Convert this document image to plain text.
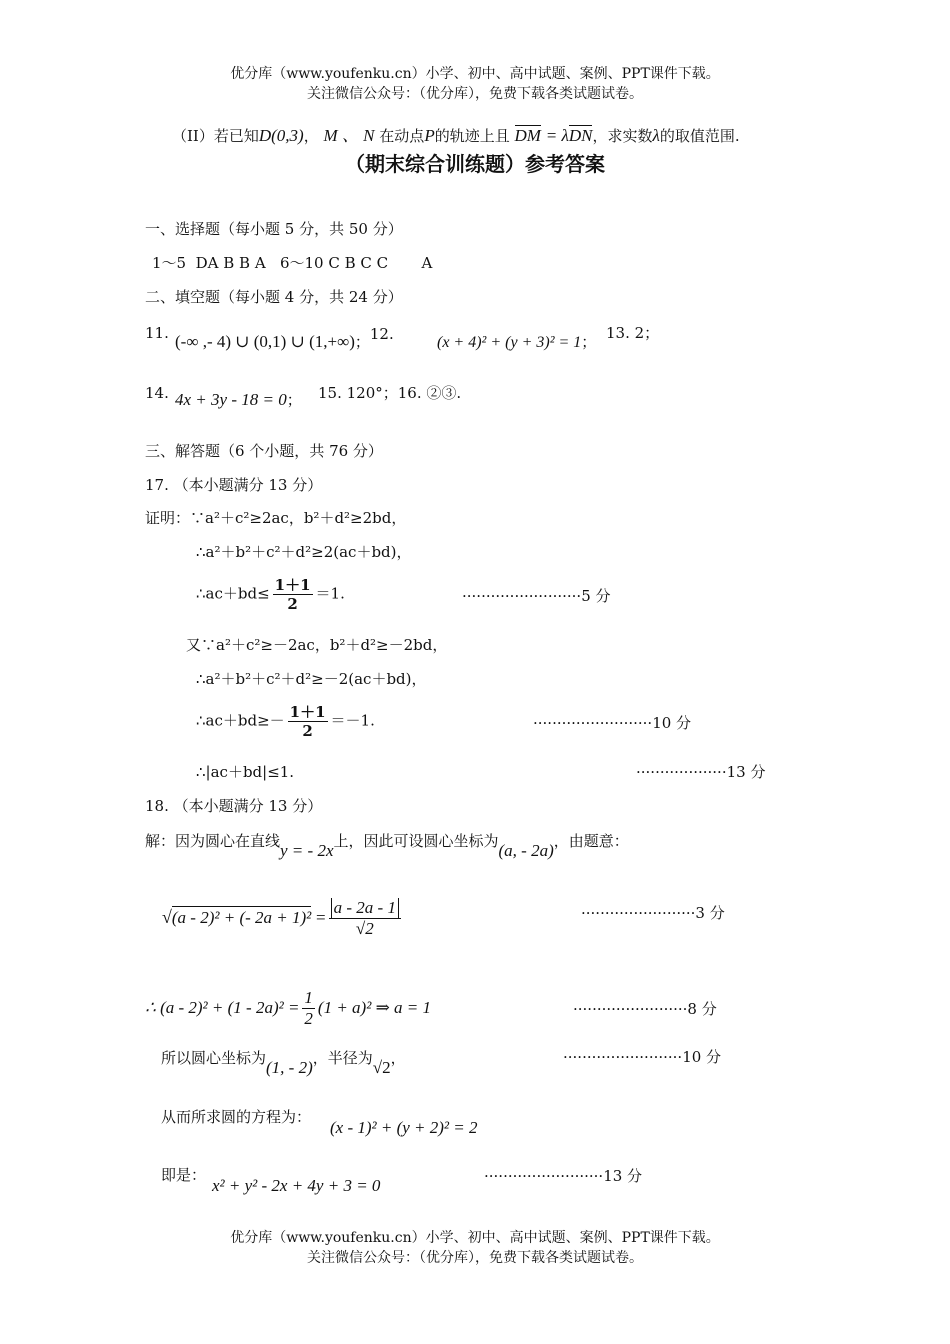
优分库（www.youfenku.cn）小学、初中、高中试题、案例、PPT课件下载。
关注微信公众号：（优分库），免费下载各类试题试卷。
（II）若已知D(0,3)， M 、 N 在动点P的轨迹上且 DM = λDN，求实数λ的取值范围.
（期末综合训练题）参考答案
一、选择题（每小题 5 分，共 50 分）
1～5  DA B B A   6～10 C B C C       A
二、填空题（每小题 4 分，共 24 分）
11. (-∞ ,- 4) ∪ (0,1) ∪ (1,+∞)；12.	(x + 4)² + (y + 3)² = 1； 13. 2；
14. 4x + 3y - 18 = 0； 15. 120°；16. ②③.
三、解答题（6 个小题，共 76 分）
17. （本小题满分 13 分）
证明：∵a²＋c²≥2ac，b²＋d²≥2bd，
∴a²＋b²＋c²＋d²≥2(ac＋bd)，
∴ac＋bd≤ $\frac{1+1}{2} =1$.	·························5 分
又∵a²＋c²≥－2ac，b²＋d²≥－2bd，
∴a²＋b²＋c²＋d²≥－2(ac＋bd)，
∴ac＋bd≥－ $\frac{1+1}{2} =-1$.	·························10 分
∴|ac＋bd|≤1.	···················13 分
18. （本小题满分 13 分）
解：因为圆心在直线y = - 2x上，因此可设圆心坐标为(a, - 2a)，由题意：
√(a - 2)² + (- $2a + 1)^2 = \frac{a - 2a - 1}{√2}$	························3 分
∴ $(a - 2)^2 + (1 - 2a)^2 = \frac{1}{2} (1 + a)^2$ ⇒ a = 1	························8 分
所以圆心坐标为(1, - 2)，半径为√2，	·························10 分
从而所求圆的方程为：
(x - 1)² + (y + 2)² = 2
即是：
x² + y² - 2x + 4y + 3 = 0	·························13 分
优分库（www.youfenku.cn）小学、初中、高中试题、案例、PPT课件下载。
关注微信公众号：（优分库），免费下载各类试题试卷。
